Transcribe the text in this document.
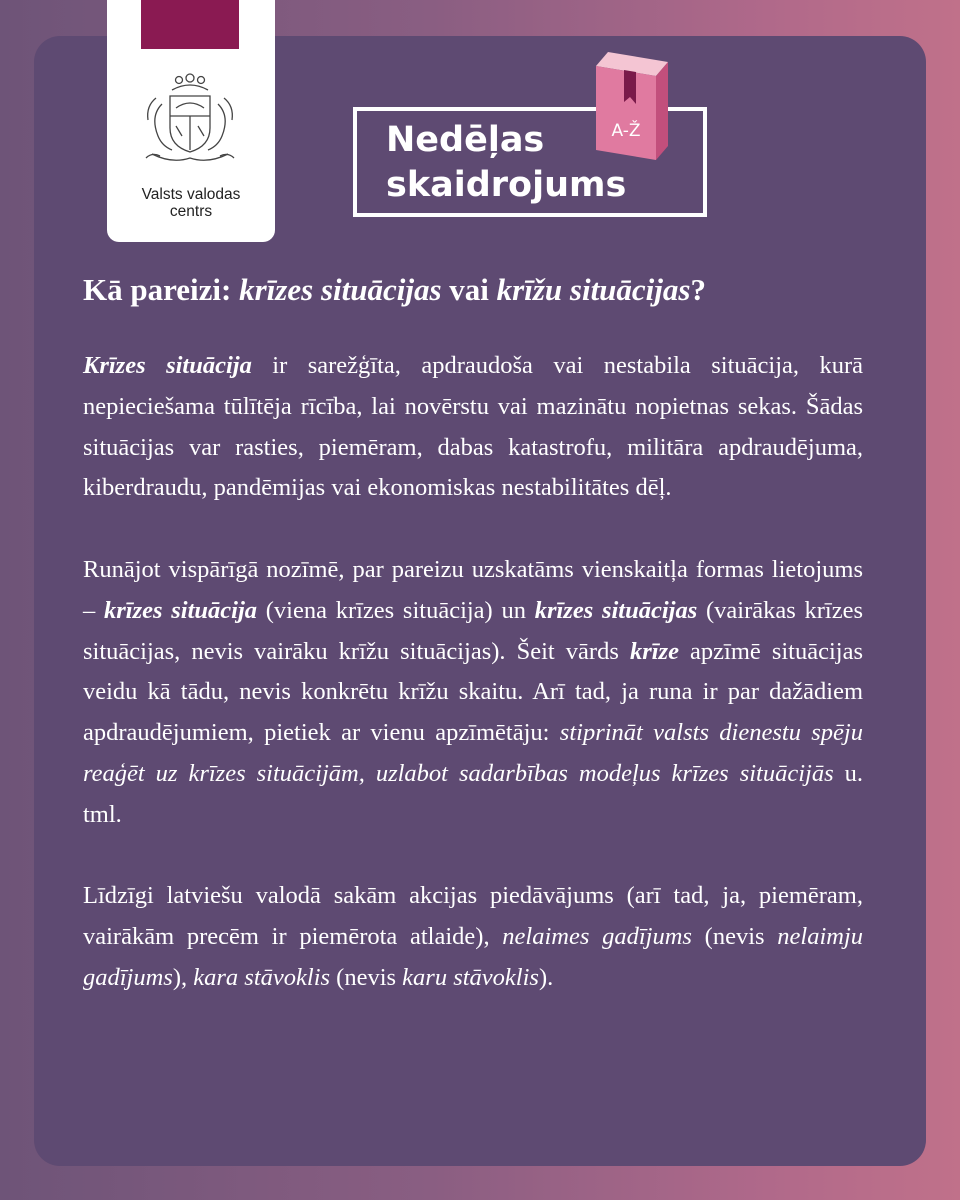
Valsts valodas
centrs
Nedēļas
skaidrojums
A-Ž
Kā pareizi: krīzes situācijas vai krīžu situācijas?

Krīzes situācija ir sarežģīta, apdraudoša vai nestabila situācija, kurā nepieciešama tūlītēja rīcība, lai novērstu vai mazinātu nopietnas sekas. Šādas situācijas var rasties, piemēram, dabas katastrofu, militāra apdraudējuma, kiberdraudu, pandēmijas vai ekonomiskas nestabilitātes dēļ.

Runājot vispārīgā nozīmē, par pareizu uzskatāms vienskaitļa formas lietojums – krīzes situācija (viena krīzes situācija) un krīzes situācijas (vairākas krīzes situācijas, nevis vairāku krīžu situācijas). Šeit vārds krīze apzīmē situācijas veidu kā tādu, nevis konkrētu krīžu skaitu. Arī tad, ja runa ir par dažādiem apdraudējumiem, pietiek ar vienu apzīmētāju: stiprināt valsts dienestu spēju reaģēt uz krīzes situācijām, uzlabot sadarbības modeļus krīzes situācijās u. tml.

Līdzīgi latviešu valodā sakām akcijas piedāvājums (arī tad, ja, piemēram, vairākām precēm ir piemērota atlaide), nelaimes gadījums (nevis nelaimju gadījums), kara stāvoklis (nevis karu stāvoklis).
